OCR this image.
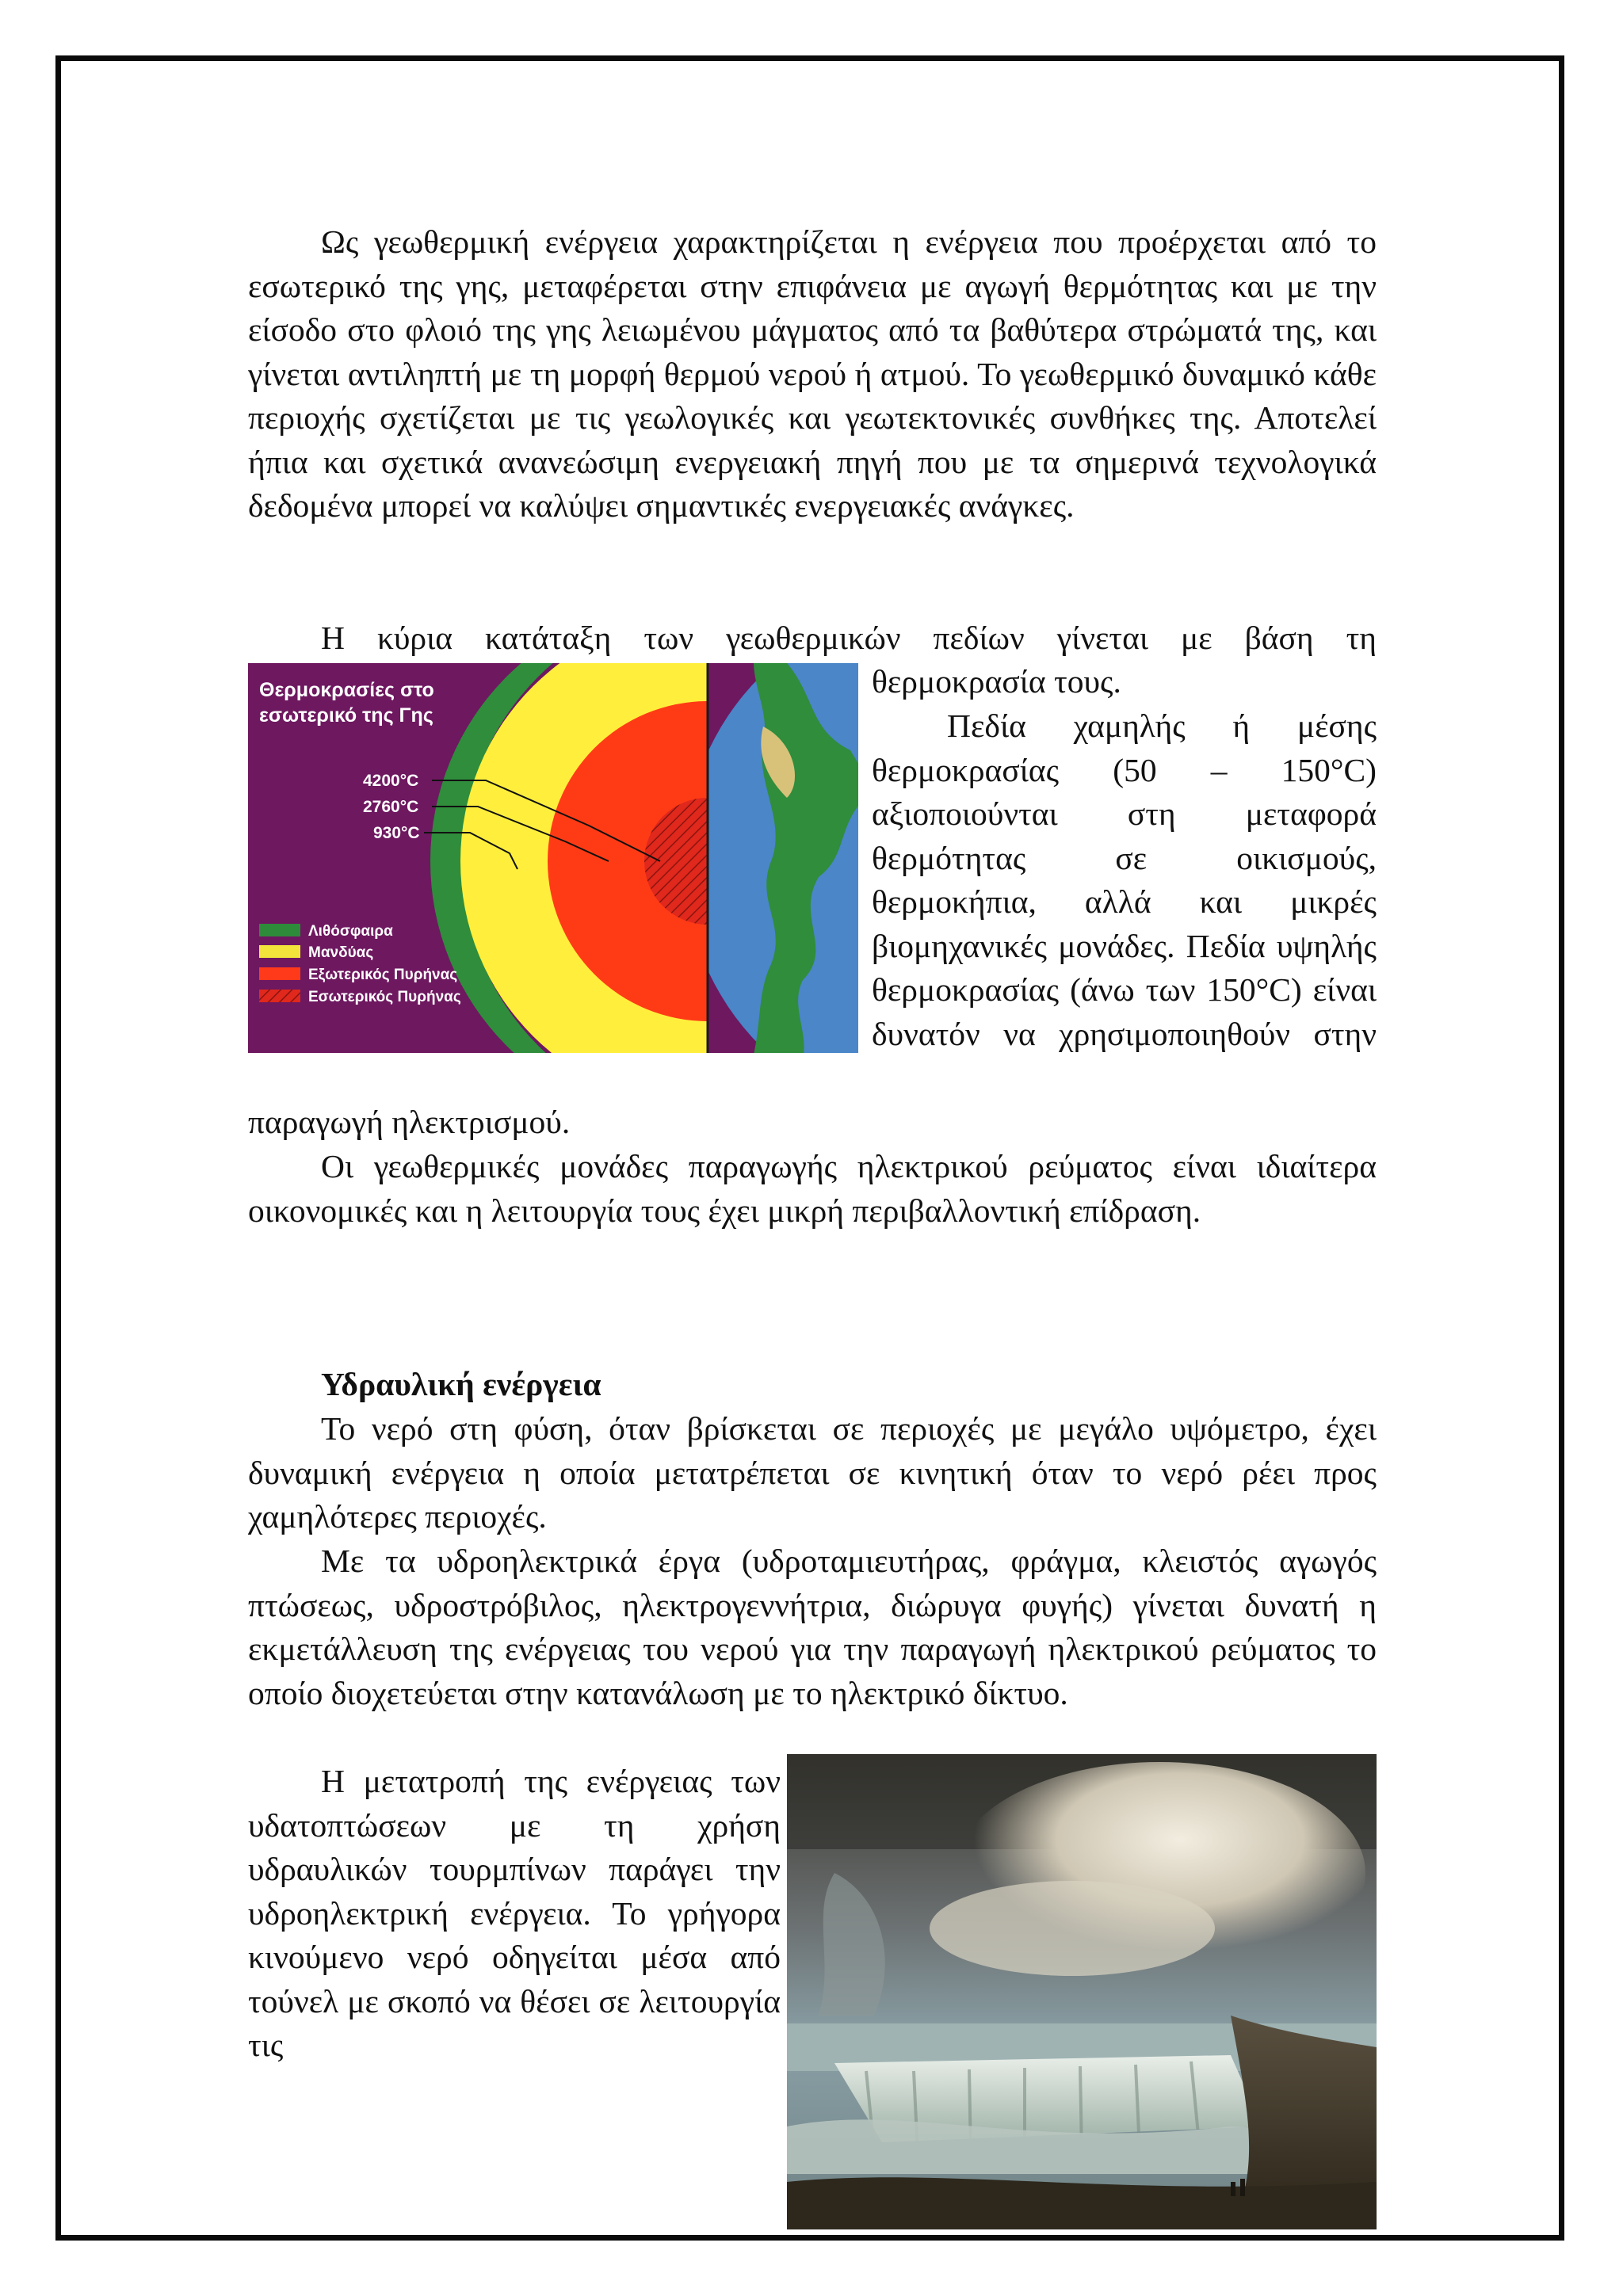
Ως γεωθερμική ενέργεια χαρακτηρίζεται η ενέργεια που προέρχεται από το εσωτερικό της γης, μεταφέρεται στην επιφάνεια με αγωγή θερμότητας και με την είσοδο στο φλοιό της γης λειωμένου μάγματος από τα βαθύτερα στρώματά της, και γίνεται αντιληπτή με τη μορφή θερμού νερού ή ατμού. Το γεωθερμικό δυναμικό κάθε περιοχής σχετίζεται με τις γεωλογικές και γεωτεκτονικές συνθήκες της. Αποτελεί ήπια και σχετικά ανανεώσιμη ενεργειακή πηγή που με τα σημερινά τεχνολογικά δεδομένα μπορεί να καλύψει σημαντικές ενεργειακές ανάγκες.
Η κύρια κατάταξη των γεωθερμικών πεδίων γίνεται με βάση τη
Θερμοκρασίες στο
εσωτερικό της Γης
4200°C
2760°C
930°C
Λιθόσφαιρα
Μανδύας
Εξωτερικός Πυρήνας
Εσωτερικός Πυρήνας
θερμοκρασία τους.
Πεδία χαμηλής ή μέσης θερμοκρασίας (50 – 150°C) αξιοποιούνται στη μεταφορά θερμότητας σε οικισμούς, θερμοκήπια, αλλά και μικρές βιομηχανικές μονάδες. Πεδία υψηλής θερμοκρασίας (άνω των 150°C) είναι δυνατόν να χρησιμοποιηθούν στην
παραγωγή ηλεκτρισμού.
Οι γεωθερμικές μονάδες παραγωγής ηλεκτρικού ρεύματος είναι ιδιαίτερα οικονομικές και η λειτουργία τους έχει μικρή περιβαλλοντική επίδραση.
Υδραυλική ενέργεια
Το νερό στη φύση, όταν βρίσκεται σε περιοχές με μεγάλο υψόμετρο, έχει δυναμική ενέργεια η οποία μετατρέπεται σε κινητική όταν το νερό ρέει προς χαμηλότερες περιοχές.
Με τα υδροηλεκτρικά έργα (υδροταμιευτήρας, φράγμα, κλειστός αγωγός πτώσεως, υδροστρόβιλος, ηλεκτρογεννήτρια, διώρυγα φυγής) γίνεται δυνατή η εκμετάλλευση της ενέργειας του νερού για την παραγωγή ηλεκτρικού ρεύματος το οποίο διοχετεύεται στην κατανάλωση με το ηλεκτρικό δίκτυο.
Η μετατροπή της ενέργειας των υδατοπτώσεων με τη χρήση υδραυλικών τουρμπίνων παράγει την υδροηλεκτρική ενέργεια. Το γρήγορα κινούμενο νερό οδηγείται μέσα από τούνελ με σκοπό να θέσει σε λειτουργία τις
